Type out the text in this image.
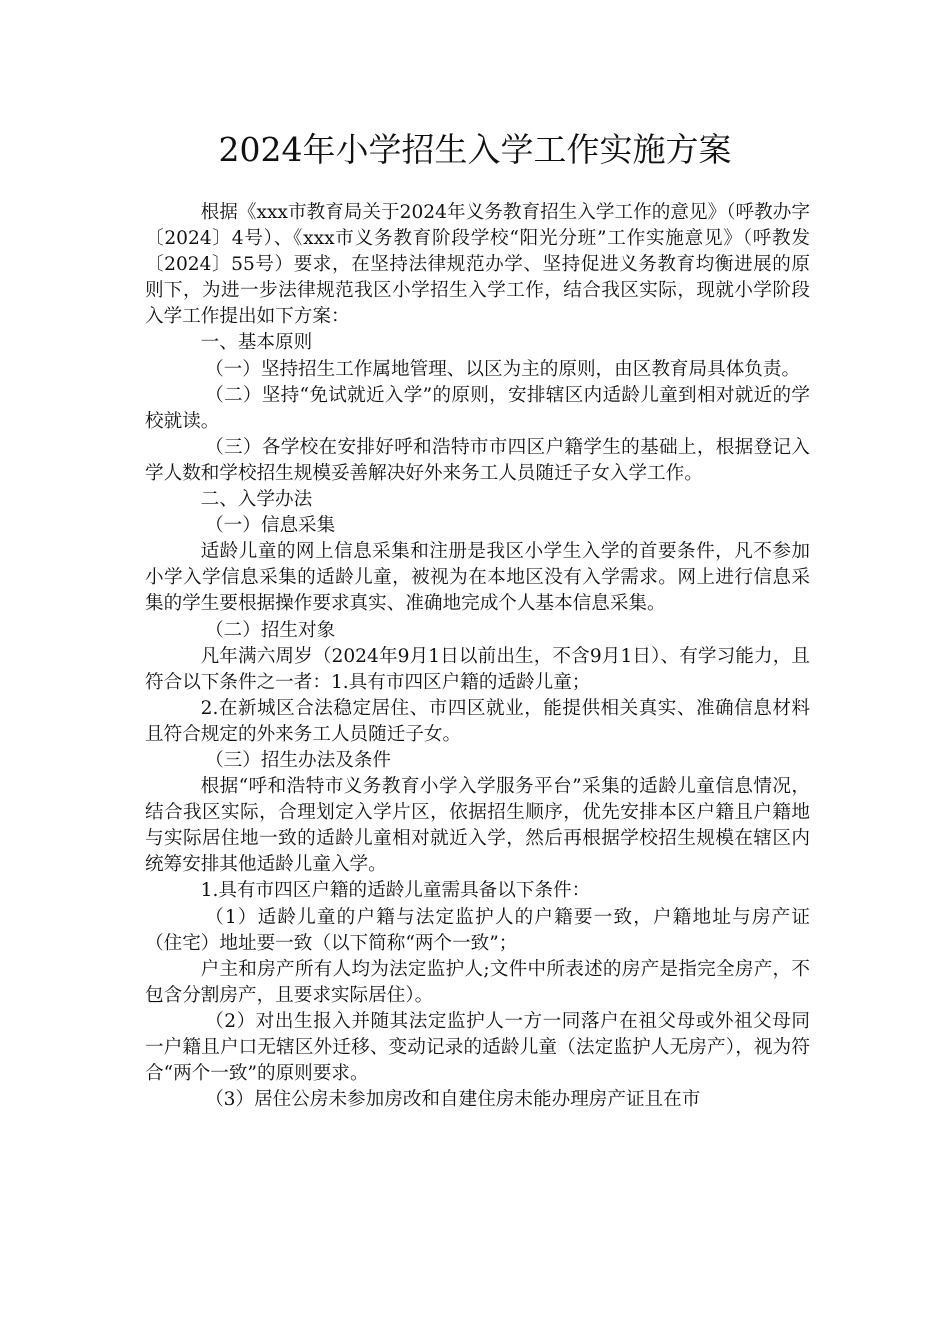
2024年小学招生入学工作实施方案

根据《xxx市教育局关于2024年义务教育招生入学工作的意见》（呼教办字〔2024〕4号）、《xxx市义务教育阶段学校“阳光分班”工作实施意见》（呼教发〔2024〕55号）要求，在坚持法律规范办学、坚持促进义务教育均衡进展的原则下，为进一步法律规范我区小学招生入学工作，结合我区实际，现就小学阶段入学工作提出如下方案：

一、基本原则

（一）坚持招生工作属地管理、以区为主的原则，由区教育局具体负责。

（二）坚持“免试就近入学”的原则，安排辖区内适龄儿童到相对就近的学校就读。

（三）各学校在安排好呼和浩特市市四区户籍学生的基础上，根据登记入学人数和学校招生规模妥善解决好外来务工人员随迁子女入学工作。

二、入学办法

（一）信息采集

适龄儿童的网上信息采集和注册是我区小学生入学的首要条件，凡不参加小学入学信息采集的适龄儿童，被视为在本地区没有入学需求。网上进行信息采集的学生要根据操作要求真实、准确地完成个人基本信息采集。

（二）招生对象

凡年满六周岁（2024年9月1日以前出生，不含9月1日）、有学习能力，且符合以下条件之一者：1.具有市四区户籍的适龄儿童；

2.在新城区合法稳定居住、市四区就业，能提供相关真实、准确信息材料且符合规定的外来务工人员随迁子女。

（三）招生办法及条件

根据“呼和浩特市义务教育小学入学服务平台”采集的适龄儿童信息情况，结合我区实际，合理划定入学片区，依据招生顺序，优先安排本区户籍且户籍地与实际居住地一致的适龄儿童相对就近入学，然后再根据学校招生规模在辖区内统筹安排其他适龄儿童入学。

1.具有市四区户籍的适龄儿童需具备以下条件：

（1）适龄儿童的户籍与法定监护人的户籍要一致，户籍地址与房产证（住宅）地址要一致（以下简称“两个一致”；

户主和房产所有人均为法定监护人;文件中所表述的房产是指完全房产，不包含分割房产，且要求实际居住）。

（2）对出生报入并随其法定监护人一方一同落户在祖父母或外祖父母同一户籍且户口无辖区外迁移、变动记录的适龄儿童（法定监护人无房产），视为符合“两个一致”的原则要求。

（3）居住公房未参加房改和自建住房未能办理房产证且在市
